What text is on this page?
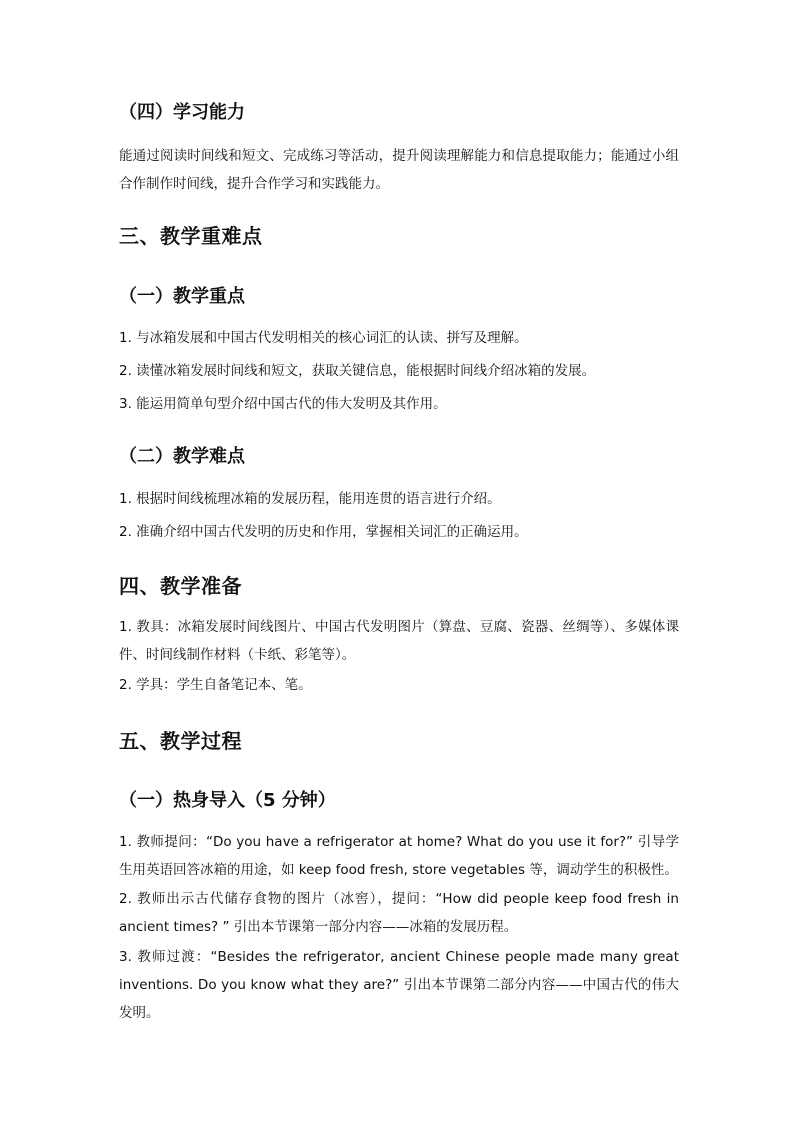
（四）学习能力

能通过阅读时间线和短文、完成练习等活动，提升阅读理解能力和信息提取能力；能通过小组合作制作时间线，提升合作学习和实践能力。

三、教学重难点
（一）教学重点

1. 与冰箱发展和中国古代发明相关的核心词汇的认读、拼写及理解。

2. 读懂冰箱发展时间线和短文，获取关键信息，能根据时间线介绍冰箱的发展。

3. 能运用简单句型介绍中国古代的伟大发明及其作用。

（二）教学难点

1. 根据时间线梳理冰箱的发展历程，能用连贯的语言进行介绍。

2. 准确介绍中国古代发明的历史和作用，掌握相关词汇的正确运用。

四、教学准备

1. 教具：冰箱发展时间线图片、中国古代发明图片（算盘、豆腐、瓷器、丝绸等）、多媒体课件、时间线制作材料（卡纸、彩笔等）。

2. 学具：学生自备笔记本、笔。

五、教学过程
（一）热身导入（5 分钟）

1. 教师提问：“Do you have a refrigerator at home? What do you use it for?” 引导学生用英语回答冰箱的用途，如 keep food fresh, store vegetables 等，调动学生的积极性。

2. 教师出示古代储存食物的图片（冰窖），提问：“How did people keep food fresh in ancient times? ” 引出本节课第一部分内容——冰箱的发展历程。

3. 教师过渡：“Besides the refrigerator, ancient Chinese people made many great inventions. Do you know what they are?” 引出本节课第二部分内容——中国古代的伟大发明。
